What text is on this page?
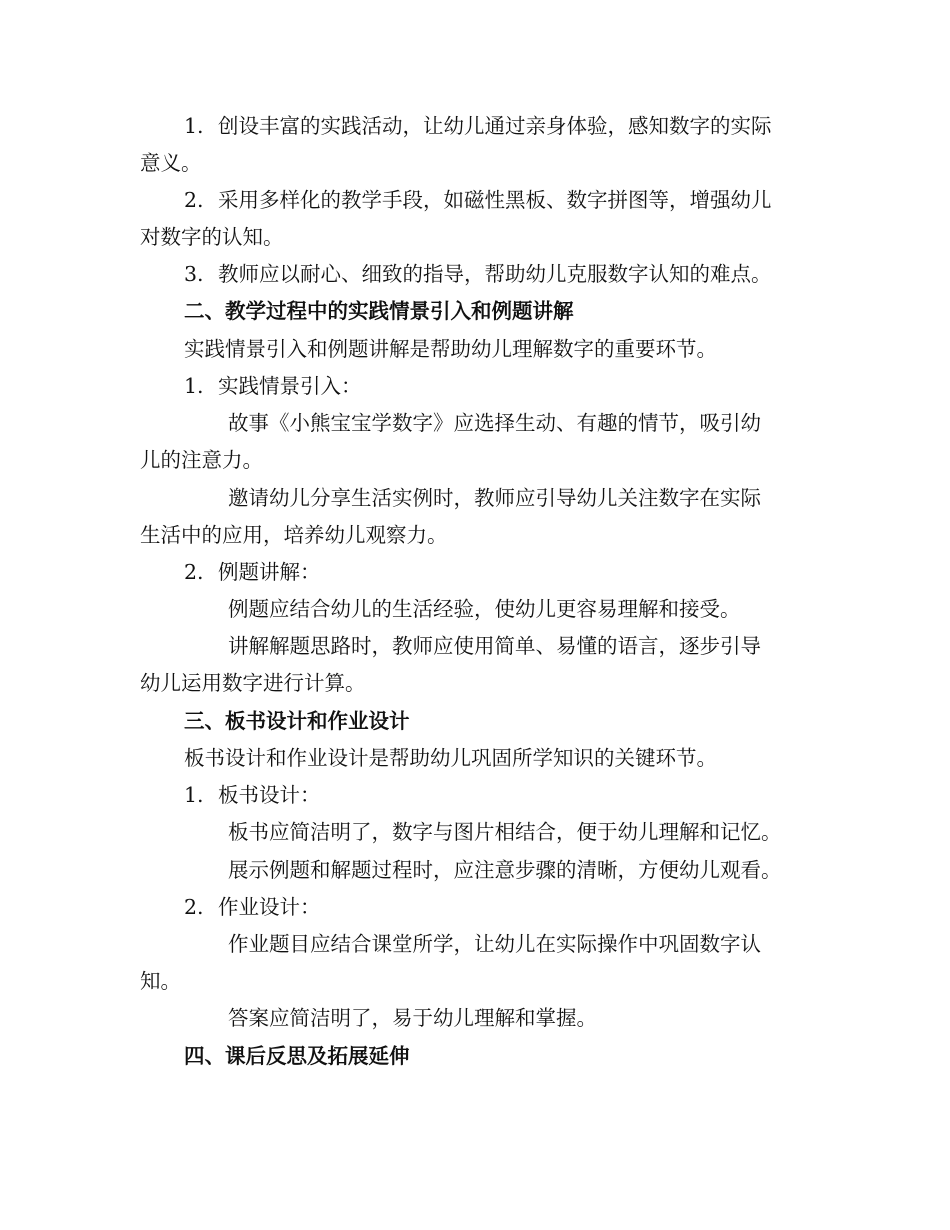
1. 创设丰富的实践活动，让幼儿通过亲身体验，感知数字的实际
意义。
2. 采用多样化的教学手段，如磁性黑板、数字拼图等，增强幼儿
对数字的认知。
3. 教师应以耐心、细致的指导，帮助幼儿克服数字认知的难点。
二、教学过程中的实践情景引入和例题讲解
实践情景引入和例题讲解是帮助幼儿理解数字的重要环节。
1. 实践情景引入：
故事《小熊宝宝学数字》应选择生动、有趣的情节，吸引幼
儿的注意力。
邀请幼儿分享生活实例时，教师应引导幼儿关注数字在实际
生活中的应用，培养幼儿观察力。
2. 例题讲解：
例题应结合幼儿的生活经验，使幼儿更容易理解和接受。
讲解解题思路时，教师应使用简单、易懂的语言，逐步引导
幼儿运用数字进行计算。
三、板书设计和作业设计
板书设计和作业设计是帮助幼儿巩固所学知识的关键环节。
1. 板书设计：
板书应简洁明了，数字与图片相结合，便于幼儿理解和记忆。
展示例题和解题过程时，应注意步骤的清晰，方便幼儿观看。
2. 作业设计：
作业题目应结合课堂所学，让幼儿在实际操作中巩固数字认
知。
答案应简洁明了，易于幼儿理解和掌握。
四、课后反思及拓展延伸
